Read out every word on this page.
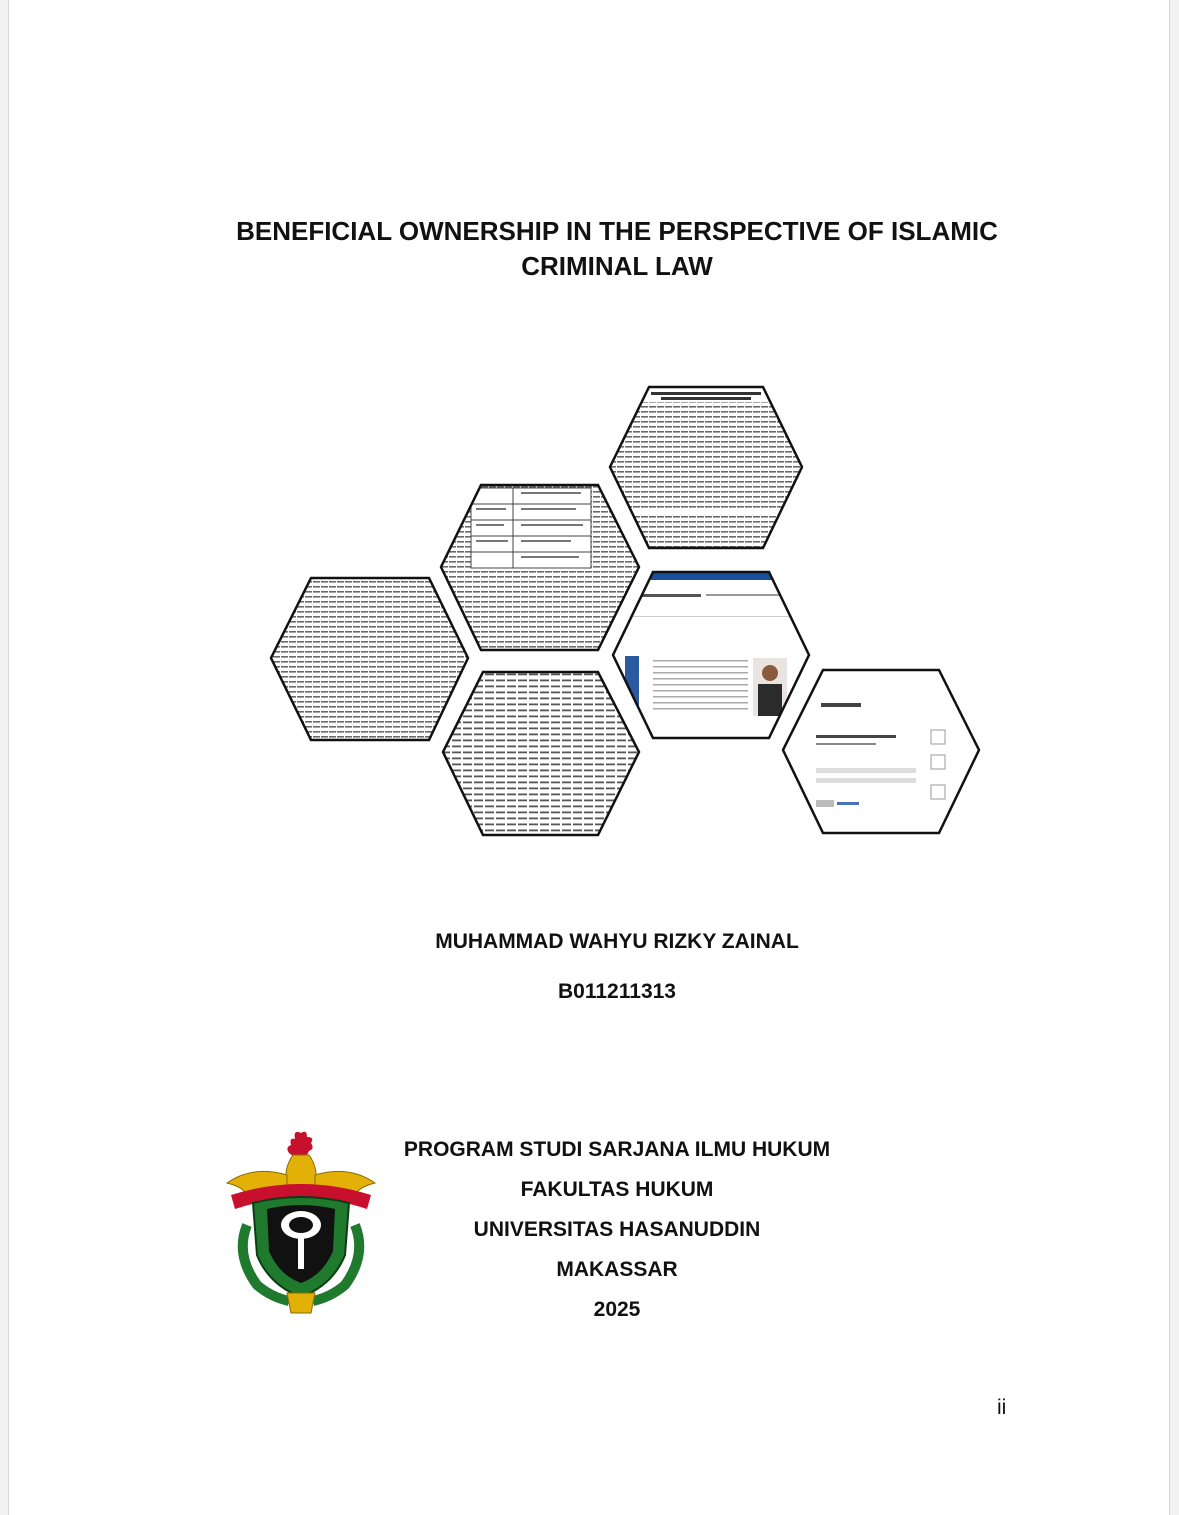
BENEFICIAL OWNERSHIP IN THE PERSPECTIVE OF ISLAMIC
CRIMINAL LAW
MUHAMMAD WAHYU RIZKY ZAINAL
B011211313
PROGRAM STUDI SARJANA ILMU HUKUM
FAKULTAS HUKUM
UNIVERSITAS HASANUDDIN
MAKASSAR
2025
ii
